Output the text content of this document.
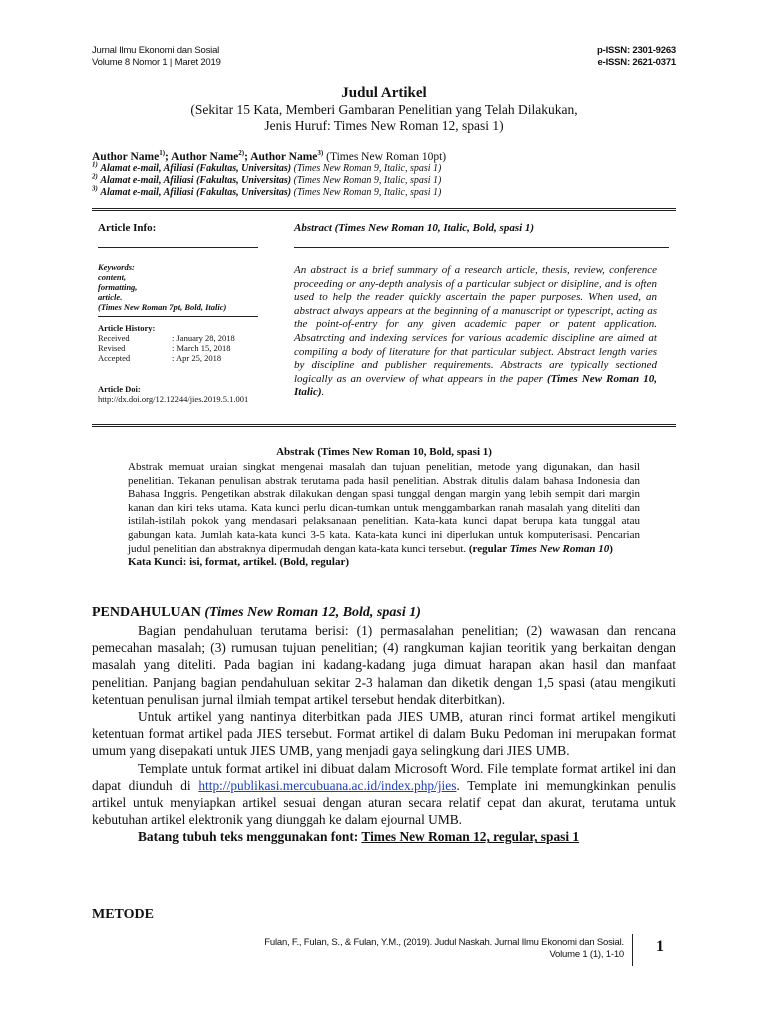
Jurnal Ilmu Ekonomi dan Sosial
Volume 8 Nomor 1 | Maret 2019
p-ISSN: 2301-9263
e-ISSN: 2621-0371
Judul Artikel
(Sekitar 15 Kata, Memberi Gambaran Penelitian yang Telah Dilakukan,
Jenis Huruf: Times New Roman 12, spasi 1)
Author Name$^{1)}$; Author Name$^{2)}$; Author Name$^{3)}$ (Times New Roman 10pt)
$^{1)}$ Alamat e-mail, Afiliasi (Fakultas, Universitas) (Times New Roman 9, Italic, spasi 1)
$^{2)}$ Alamat e-mail, Afiliasi (Fakultas, Universitas) (Times New Roman 9, Italic, spasi 1)
$^{3)}$ Alamat e-mail, Afiliasi (Fakultas, Universitas) (Times New Roman 9, Italic, spasi 1)
Article Info:
Keywords:
content,
formatting,
article.
(Times New Roman 7pt, Bold, Italic)
Article History:
Received	: January 28, 2018
Revised	: March 15, 2018
Accepted	: Apr 25, 2018
Article Doi:
http://dx.doi.org/12.12244/jies.2019.5.1.001
Abstract (Times New Roman 10, Italic, Bold, spasi 1)
An abstract is a brief summary of a research article, thesis, review, conference proceeding or any-depth analysis of a particular subject or disipline, and is often used to help the reader quickly ascertain the paper purposes. When used, an abstract always appears at the beginning of a manuscript or typescript, acting as the point-of-entry for any given academic paper or patent application. Absatrcting and indexing services for various academic discipline are aimed at compiling a body of literature for that particular subject. Abstract length varies by discipline and publisher requirements. Abstracts are typically sectioned logically as an overview of what appears in the paper (Times New Roman 10, Italic).
Abstrak (Times New Roman 10, Bold, spasi 1)
Abstrak memuat uraian singkat mengenai masalah dan tujuan penelitian, metode yang digunakan, dan hasil penelitian. Tekanan penulisan abstrak terutama pada hasil penelitian. Abstrak ditulis dalam bahasa Indonesia dan Bahasa Inggris. Pengetikan abstrak dilakukan dengan spasi tunggal dengan margin yang lebih sempit dari margin kanan dan kiri teks utama. Kata kunci perlu dican-tumkan untuk menggambarkan ranah masalah yang diteliti dan istilah-istilah pokok yang mendasari pelaksanaan penelitian. Kata-kata kunci dapat berupa kata tunggal atau gabungan kata. Jumlah kata-kata kunci 3-5 kata. Kata-kata kunci ini diperlukan untuk komputerisasi. Pencarian judul penelitian dan abstraknya dipermudah dengan kata-kata kunci tersebut. (regular Times New Roman 10)
Kata Kunci: isi, format, artikel. (Bold, regular)
PENDAHULUAN (Times New Roman 12, Bold, spasi 1)

Bagian pendahuluan terutama berisi: (1) permasalahan penelitian; (2) wawasan dan rencana pemecahan masalah; (3) rumusan tujuan penelitian; (4) rangkuman kajian teoritik yang berkaitan dengan masalah yang diteliti. Pada bagian ini kadang-kadang juga dimuat harapan akan hasil dan manfaat penelitian. Panjang bagian pendahuluan sekitar 2-3 halaman dan diketik dengan 1,5 spasi (atau mengikuti ketentuan penulisan jurnal ilmiah tempat artikel tersebut hendak diterbitkan).

Untuk artikel yang nantinya diterbitkan pada JIES UMB, aturan rinci format artikel mengikuti ketentuan format artikel pada JIES tersebut. Format artikel di dalam Buku Pedoman ini merupakan format umum yang disepakati untuk JIES UMB, yang menjadi gaya selingkung dari JIES UMB.

Template untuk format artikel ini dibuat dalam Microsoft Word. File template format artikel ini dan dapat diunduh di http://publikasi.mercubuana.ac.id/index.php/jies. Template ini memungkinkan penulis artikel untuk menyiapkan artikel sesuai dengan aturan secara relatif cepat dan akurat, terutama untuk kebutuhan artikel elektronik yang diunggah ke dalam ejournal UMB.

Batang tubuh teks menggunakan font: Times New Roman 12, regular, spasi 1

METODE
Fulan, F., Fulan, S., & Fulan, Y.M., (2019). Judul Naskah. Jurnal Ilmu Ekonomi dan Sosial.
Volume 1 (1), 1-10 1
